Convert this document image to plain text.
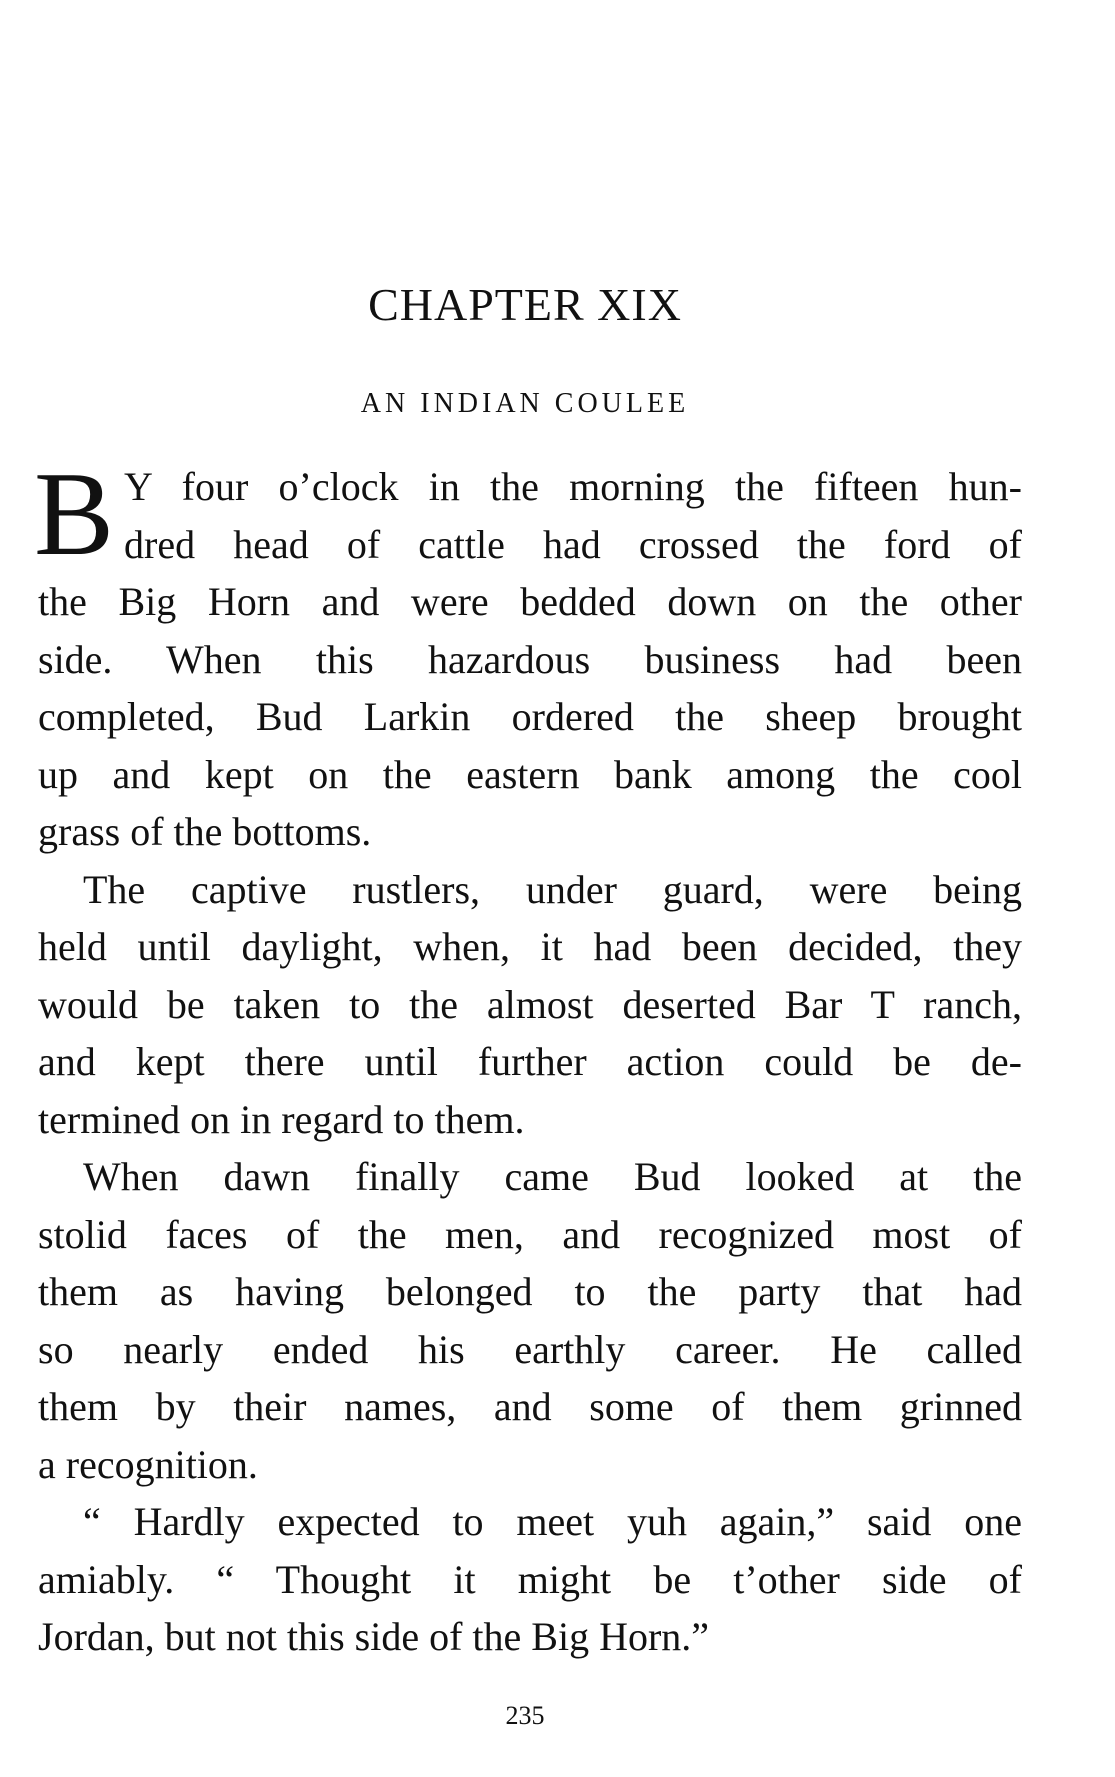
CHAPTER XIX
AN INDIAN COULEE
B Y four o’clock in the morning the fifteen hun-
dred head of cattle had crossed the ford of
the Big Horn and were bedded down on the other
side. When this hazardous business had been
completed, Bud Larkin ordered the sheep brought
up and kept on the eastern bank among the cool
grass of the bottoms.
The captive rustlers, under guard, were being
held until daylight, when, it had been decided, they
would be taken to the almost deserted Bar T ranch,
and kept there until further action could be de-
termined on in regard to them.
When dawn finally came Bud looked at the
stolid faces of the men, and recognized most of
them as having belonged to the party that had
so nearly ended his earthly career. He called
them by their names, and some of them grinned
a recognition.
“ Hardly expected to meet yuh again,” said one
amiably. “ Thought it might be t’other side of
Jordan, but not this side of the Big Horn.”
235
